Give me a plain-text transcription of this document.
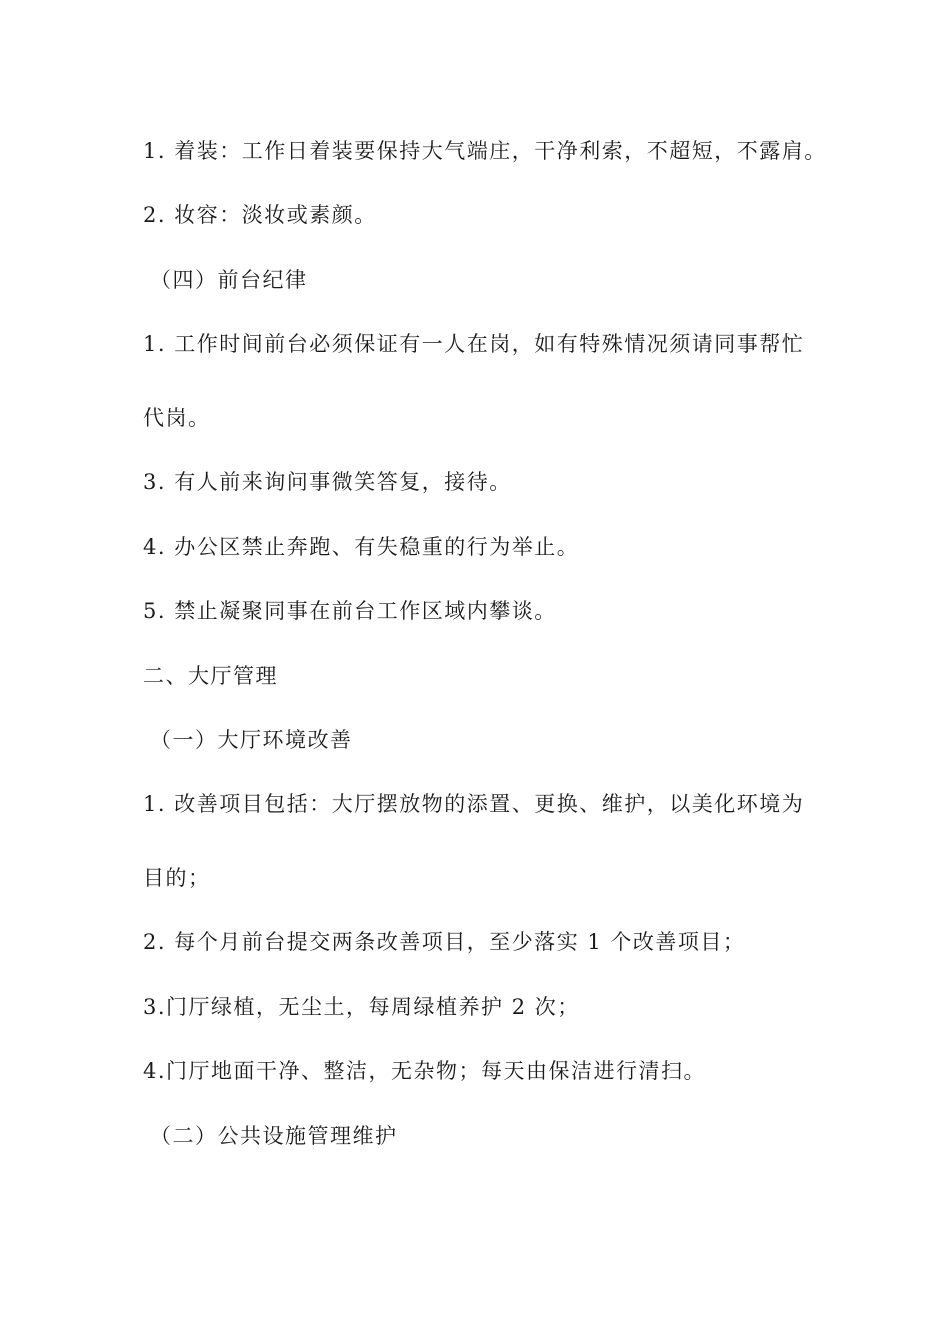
1. 着装：工作日着装要保持大气端庄，干净利索，不超短，不露肩。
2. 妆容：淡妆或素颜。
（四）前台纪律
1. 工作时间前台必须保证有一人在岗，如有特殊情况须请同事帮忙
代岗。
3. 有人前来询问事微笑答复，接待。
4. 办公区禁止奔跑、有失稳重的行为举止。
5. 禁止凝聚同事在前台工作区域内攀谈。
二、大厅管理
（一）大厅环境改善
1. 改善项目包括：大厅摆放物的添置、更换、维护，以美化环境为
目的；
2. 每个月前台提交两条改善项目，至少落实 1 个改善项目；
3.门厅绿植，无尘土，每周绿植养护 2 次；
4.门厅地面干净、整洁，无杂物；每天由保洁进行清扫。
（二）公共设施管理维护
